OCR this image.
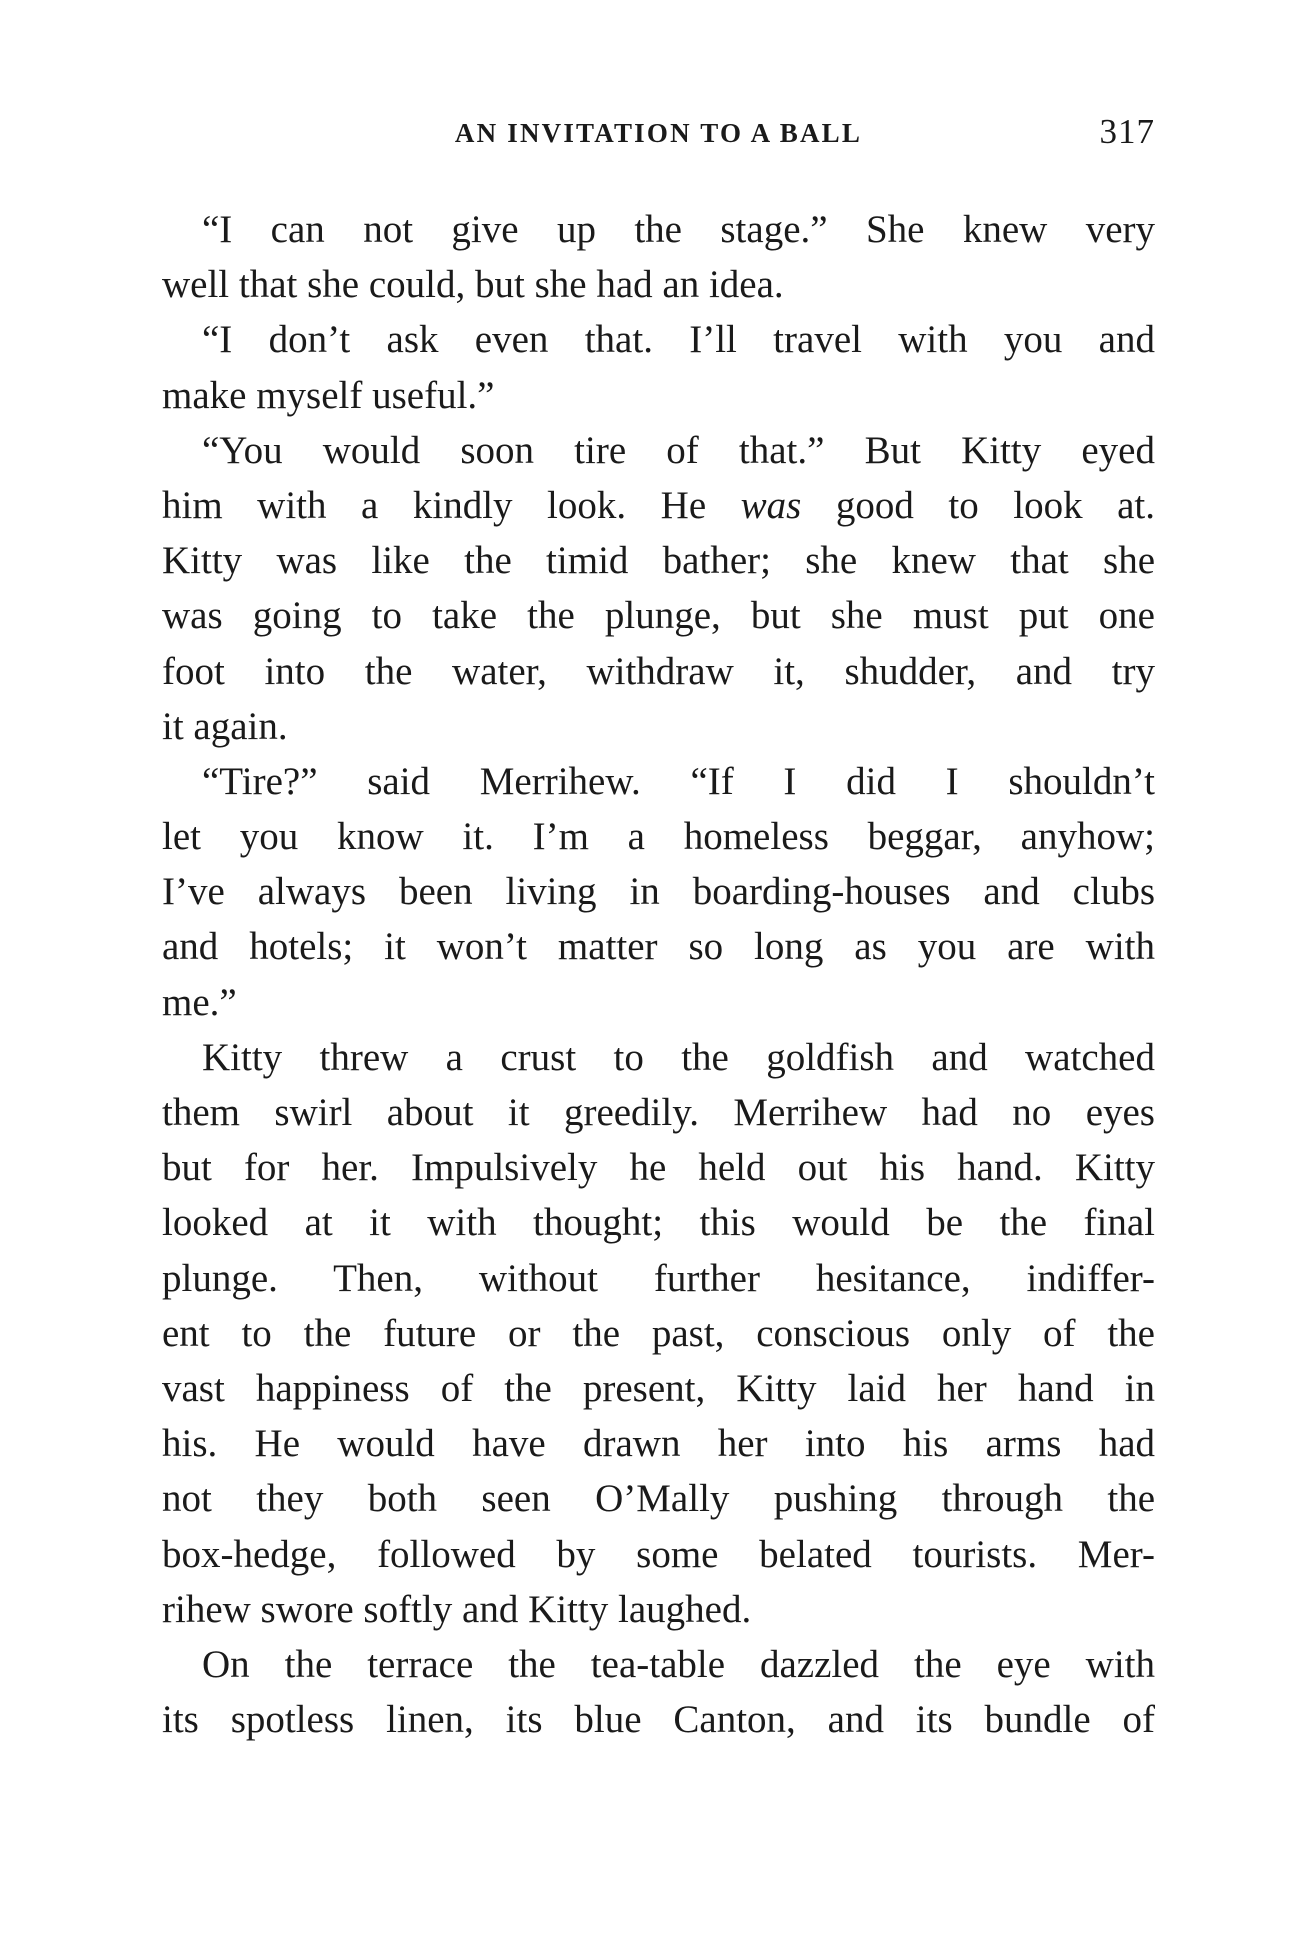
AN INVITATION TO A BALL	317
“I can not give up the stage.” She knew very
well that she could, but she had an idea.
“I don’t ask even that. I’ll travel with you and
make myself useful.”
“You would soon tire of that.” But Kitty eyed
him with a kindly look. He was good to look at.
Kitty was like the timid bather; she knew that she
was going to take the plunge, but she must put one
foot into the water, withdraw it, shudder, and try
it again.
“Tire?” said Merrihew. “If I did I shouldn’t
let you know it. I’m a homeless beggar, anyhow;
I’ve always been living in boarding-houses and clubs
and hotels; it won’t matter so long as you are with
me.”
Kitty threw a crust to the goldfish and watched
them swirl about it greedily. Merrihew had no eyes
but for her. Impulsively he held out his hand. Kitty
looked at it with thought; this would be the final
plunge. Then, without further hesitance, indiffer-
ent to the future or the past, conscious only of the
vast happiness of the present, Kitty laid her hand in
his. He would have drawn her into his arms had
not they both seen O’Mally pushing through the
box-hedge, followed by some belated tourists. Mer-
rihew swore softly and Kitty laughed.
On the terrace the tea-table dazzled the eye with
its spotless linen, its blue Canton, and its bundle of
